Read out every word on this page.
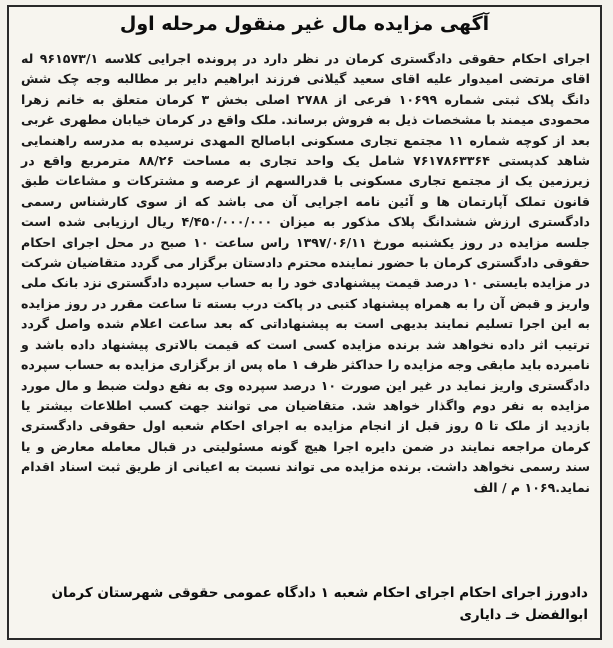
آگهی مزایده مال غیر منقول مرحله اول
اجرای احکام حقوقی دادگستری کرمان در نظر دارد در پرونده اجرایی کلاسه ۹۶۱۵۷۳/۱ له اقای مرتضی امیدوار علیه اقای سعید گیلانی فرزند ابراهیم دایر بر مطالبه وجه چک شش دانگ پلاک ثبتی شماره ۱۰۶۹۹ فرعی از ۲۷۸۸ اصلی بخش ۳ کرمان متعلق به خانم زهرا محمودی میمند با مشخصات ذیل به فروش برساند. ملک واقع در کرمان خیابان مطهری غربی بعد از کوچه شماره ۱۱ مجتمع تجاری مسکونی اباصالح المهدی نرسیده به مدرسه راهنمایی شاهد کدپستی ۷۶۱۷۸۶۳۳۶۴ شامل یک واحد تجاری به مساحت ۸۸/۲۶ مترمربع واقع در زیرزمین یک از مجتمع تجاری مسکونی با قدرالسهم از عرصه و مشترکات و مشاعات طبق قانون تملک آپارتمان ها و آئین نامه اجرایی آن می باشد که از سوی کارشناس رسمی دادگستری ارزش ششدانگ پلاک مذکور به میزان ۴/۴۵۰/۰۰۰/۰۰۰ ریال ارزیابی شده است جلسه مزایده در روز یکشنبه مورخ ۱۳۹۷/۰۶/۱۱ راس ساعت ۱۰ صبح در محل اجرای احکام حقوقی دادگستری کرمان با حضور نماینده محترم دادستان برگزار می گردد متقاضیان شرکت در مزایده بایستی ۱۰ درصد قیمت پیشنهادی خود را به حساب سپرده دادگستری نزد بانک ملی واریز و قبض آن را به همراه پیشنهاد کتبی در پاکت درب بسته تا ساعت مقرر در روز مزایده به این اجرا تسلیم نمایند بدیهی است به پیشنهاداتی که بعد ساعت اعلام شده واصل گردد ترتیب اثر داده نخواهد شد برنده مزایده کسی است که قیمت بالاتری پیشنهاد داده باشد و نامبرده باید مابقی وجه مزایده را حداکثر ظرف ۱ ماه پس از برگزاری مزایده به حساب سپرده دادگستری واریز نماید در غیر این صورت ۱۰ درصد سپرده وی به نفع دولت ضبط و مال مورد مزایده به نفر دوم واگذار خواهد شد. متقاضیان می توانند جهت کسب اطلاعات بیشتر یا بازدید از ملک تا ۵ روز قبل از انجام مزایده به اجرای احکام شعبه اول حقوقی دادگستری کرمان مراجعه نمایند در ضمن دایره اجرا هیچ گونه مسئولیتی در قبال معامله معارض و یا سند رسمی نخواهد داشت. برنده مزایده می تواند نسبت به اعیانی از طریق ثبت اسناد اقدام نماید.۱۰۶۹ م / الف
دادورز اجرای احکام اجرای احکام شعبه ۱ دادگاه عمومی حقوقی شهرستان کرمان
ابوالفضل خـ دایاری
